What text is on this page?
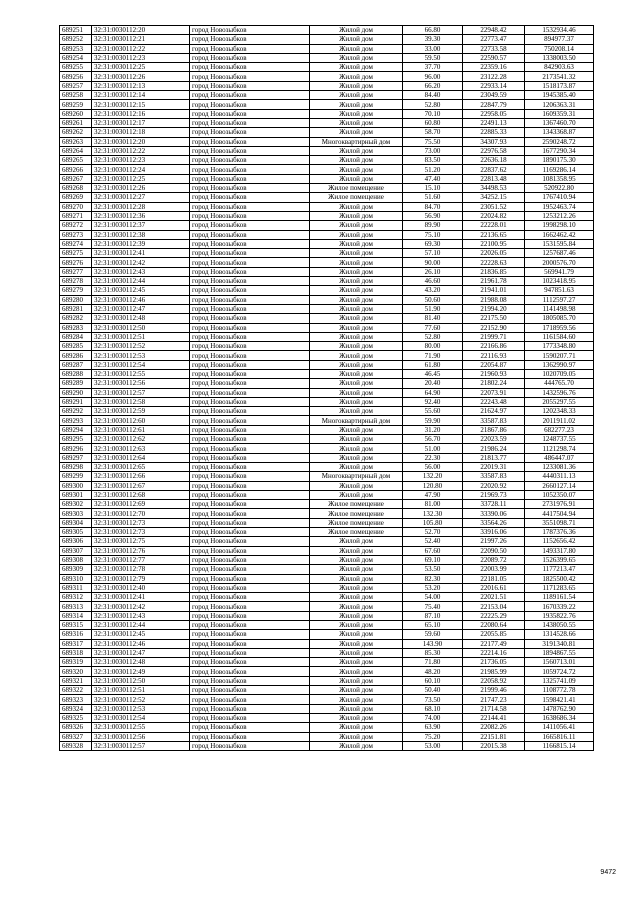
689251	32:31:0030112:20	город Новозыбков	Жилой дом	66.80	22948.42	1532934.46
689252	32:31:0030112:21	город Новозыбков	Жилой дом	39.30	22773.47	894977.37
689253	32:31:0030112:22	город Новозыбков	Жилой дом	33.00	22733.58	750208.14
689254	32:31:0030112:23	город Новозыбков	Жилой дом	59.50	22590.57	1338003.50
689255	32:31:0030112:25	город Новозыбков	Жилой дом	37.70	22359.16	842903.63
689256	32:31:0030112:26	город Новозыбков	Жилой дом	96.00	23122.28	2173541.32
689257	32:31:0030112:13	город Новозыбков	Жилой дом	66.20	22933.14	1518173.87
689258	32:31:0030112:14	город Новозыбков	Жилой дом	84.40	23049.59	1945385.40
689259	32:31:0030112:15	город Новозыбков	Жилой дом	52.80	22847.79	1206363.31
689260	32:31:0030112:16	город Новозыбков	Жилой дом	70.10	22958.05	1609359.31
689261	32:31:0030112:17	город Новозыбков	Жилой дом	60.80	22491.13	1367460.70
689262	32:31:0030112:18	город Новозыбков	Жилой дом	58.70	22885.33	1343368.87
689263	32:31:0030112:20	город Новозыбков	Многоквартирный дом	75.50	34307.93	2590248.72
689264	32:31:0030112:22	город Новозыбков	Жилой дом	73.00	22976.58	1677290.34
689265	32:31:0030112:23	город Новозыбков	Жилой дом	83.50	22636.18	1890175.30
689266	32:31:0030112:24	город Новозыбков	Жилой дом	51.20	22837.62	1169286.14
689267	32:31:0030112:25	город Новозыбков	Жилой дом	47.40	22813.48	1081358.95
689268	32:31:0030112:26	город Новозыбков	Жилое помещение	15.10	34498.53	520922.80
689269	32:31:0030112:27	город Новозыбков	Жилое помещение	51.60	34252.15	1767410.94
689270	32:31:0030112:28	город Новозыбков	Жилой дом	84.70	23051.52	1952463.74
689271	32:31:0030112:36	город Новозыбков	Жилой дом	56.90	22024.82	1253212.26
689272	32:31:0030112:37	город Новозыбков	Жилой дом	89.90	22228.01	1998298.10
689273	32:31:0030112:38	город Новозыбков	Жилой дом	75.10	22136.65	1662462.42
689274	32:31:0030112:39	город Новозыбков	Жилой дом	69.30	22100.95	1531595.84
689275	32:31:0030112:41	город Новозыбков	Жилой дом	57.10	22026.05	1257687.46
689276	32:31:0030112:42	город Новозыбков	Жилой дом	90.00	22228.63	2000576.70
689277	32:31:0030112:43	город Новозыбков	Жилой дом	26.10	21836.85	569941.79
689278	32:31:0030112:44	город Новозыбков	Жилой дом	46.60	21961.78	1023418.95
689279	32:31:0030112:45	город Новозыбков	Жилой дом	43.20	21941.01	947851.63
689280	32:31:0030112:46	город Новозыбков	Жилой дом	50.60	21988.08	1112597.27
689281	32:31:0030112:47	город Новозыбков	Жилой дом	51.90	21994.20	1141498.98
689282	32:31:0030112:48	город Новозыбков	Жилой дом	81.40	22175.50	1805085.70
689283	32:31:0030112:50	город Новозыбков	Жилой дом	77.60	22152.90	1718959.56
689284	32:31:0030112:51	город Новозыбков	Жилой дом	52.80	21999.71	1161584.60
689285	32:31:0030112:52	город Новозыбков	Жилой дом	80.00	22166.86	1773348.80
689286	32:31:0030112:53	город Новозыбков	Жилой дом	71.90	22116.93	1590207.71
689287	32:31:0030112:54	город Новозыбков	Жилой дом	61.80	22054.87	1362990.97
689288	32:31:0030112:55	город Новозыбков	Жилой дом	46.45	21960.93	1020709.05
689289	32:31:0030112:56	город Новозыбков	Жилой дом	20.40	21802.24	444765.70
689290	32:31:0030112:57	город Новозыбков	Жилой дом	64.90	22073.91	1432596.76
689291	32:31:0030112:58	город Новозыбков	Жилой дом	92.40	22243.48	2055297.55
689292	32:31:0030112:59	город Новозыбков	Жилой дом	55.60	21624.97	1202348.33
689293	32:31:0030112:60	город Новозыбков	Многоквартирный дом	59.90	33587.83	2011911.02
689294	32:31:0030112:61	город Новозыбков	Жилой дом	31.20	21867.86	682277.23
689295	32:31:0030112:62	город Новозыбков	Жилой дом	56.70	22023.59	1248737.55
689296	32:31:0030112:63	город Новозыбков	Жилой дом	51.00	21986.24	1121298.74
689297	32:31:0030112:64	город Новозыбков	Жилой дом	22.30	21813.77	486447.07
689298	32:31:0030112:65	город Новозыбков	Жилой дом	56.00	22019.31	1233081.36
689299	32:31:0030112:66	город Новозыбков	Многоквартирный дом	132.20	33587.83	4440311.13
689300	32:31:0030112:67	город Новозыбков	Жилой дом	120.80	22020.92	2660127.14
689301	32:31:0030112:68	город Новозыбков	Жилой дом	47.90	21969.73	1052350.07
689302	32:31:0030112:69	город Новозыбков	Жилое помещение	81.00	33728.11	2731976.91
689303	32:31:0030112:70	город Новозыбков	Жилое помещение	132.30	33390.06	4417504.94
689304	32:31:0030112:73	город Новозыбков	Жилое помещение	105.80	33564.26	3551098.71
689305	32:31:0030112:73	город Новозыбков	Жилое помещение	52.70	33916.06	1787376.36
689306	32:31:0030112:75	город Новозыбков	Жилой дом	52.40	21997.26	1152656.42
689307	32:31:0030112:76	город Новозыбков	Жилой дом	67.60	22090.50	1493317.80
689308	32:31:0030112:77	город Новозыбков	Жилой дом	69.10	22089.72	1526399.65
689309	32:31:0030112:78	город Новозыбков	Жилой дом	53.50	22003.99	1177213.47
689310	32:31:0030112:79	город Новозыбков	Жилой дом	82.30	22181.05	1825500.42
689311	32:31:0030112:40	город Новозыбков	Жилой дом	53.20	22016.61	1171283.65
689312	32:31:0030112:41	город Новозыбков	Жилой дом	54.00	22021.51	1189161.54
689313	32:31:0030112:42	город Новозыбков	Жилой дом	75.40	22153.04	1670339.22
689314	32:31:0030112:43	город Новозыбков	Жилой дом	87.10	22225.29	1935822.76
689315	32:31:0030112:44	город Новозыбков	Жилой дом	65.10	22080.64	1438050.55
689316	32:31:0030112:45	город Новозыбков	Жилой дом	59.60	22055.85	1314528.66
689317	32:31:0030112:46	город Новозыбков	Жилой дом	143.90	22177.49	3191340.81
689318	32:31:0030112:47	город Новозыбков	Жилой дом	85.30	22214.16	1894867.55
689319	32:31:0030112:48	город Новозыбков	Жилой дом	71.80	21736.05	1560713.01
689320	32:31:0030112:49	город Новозыбков	Жилой дом	48.20	21985.99	1059724.72
689321	32:31:0030112:50	город Новозыбков	Жилой дом	60.10	22058.92	1325741.09
689322	32:31:0030112:51	город Новозыбков	Жилой дом	50.40	21999.46	1108772.78
689323	32:31:0030112:52	город Новозыбков	Жилой дом	73.50	21747.23	1598421.41
689324	32:31:0030112:53	город Новозыбков	Жилой дом	68.10	21714.58	1478762.90
689325	32:31:0030112:54	город Новозыбков	Жилой дом	74.00	22144.41	1638686.34
689326	32:31:0030112:55	город Новозыбков	Жилой дом	63.90	22082.26	1411056.41
689327	32:31:0030112:56	город Новозыбков	Жилой дом	75.20	22151.81	1665816.11
689328	32:31:0030112:57	город Новозыбков	Жилой дом	53.00	22015.38	1166815.14
9472
